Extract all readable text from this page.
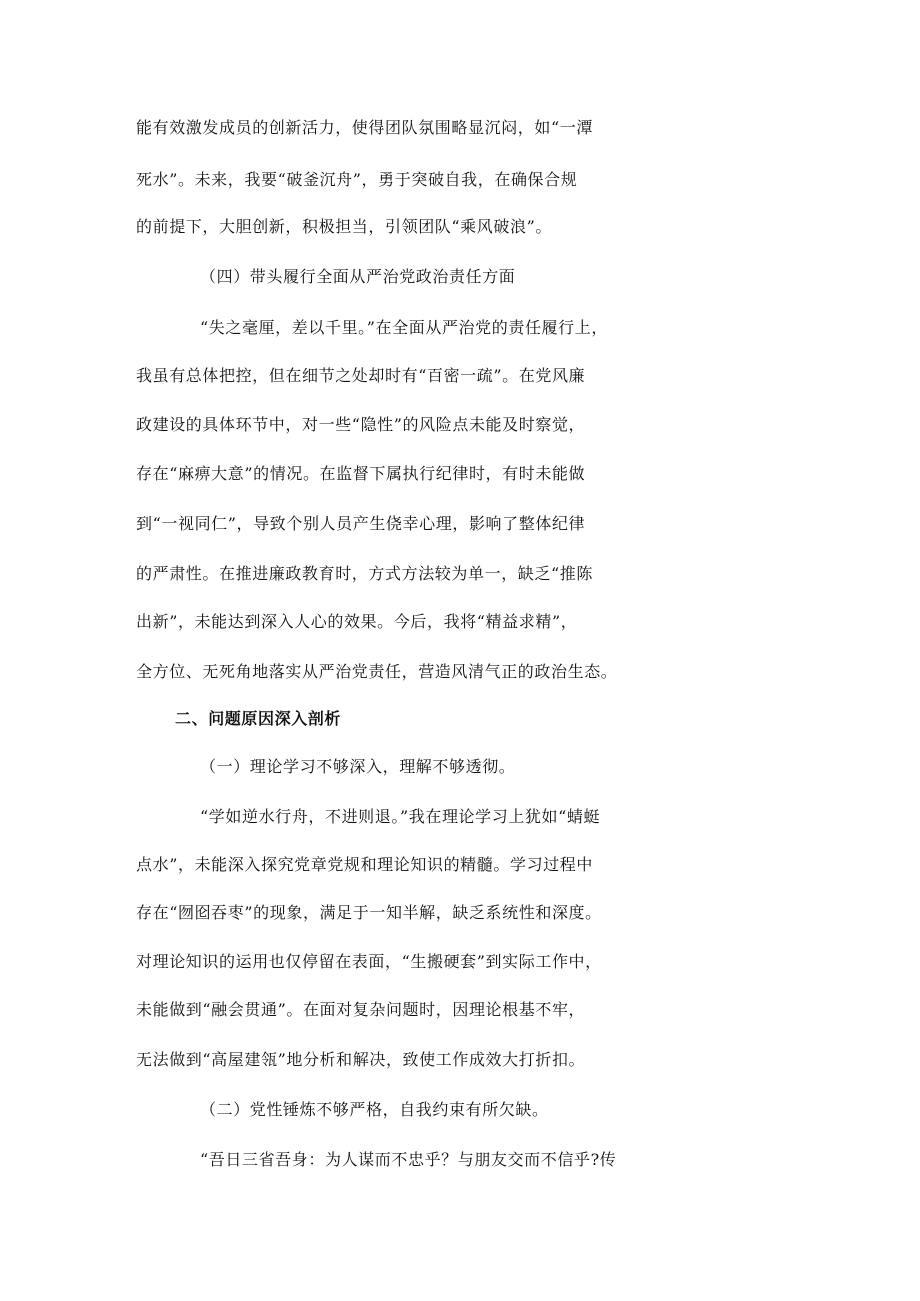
能有效激发成员的创新活力，使得团队氛围略显沉闷，如“一潭
死水”。未来，我要“破釜沉舟”，勇于突破自我，在确保合规
的前提下，大胆创新，积极担当，引领团队“乘风破浪”。
（四）带头履行全面从严治党政治责任方面
“失之毫厘，差以千里。”在全面从严治党的责任履行上，
我虽有总体把控，但在细节之处却时有“百密一疏”。在党风廉
政建设的具体环节中，对一些“隐性”的风险点未能及时察觉，
存在“麻痹大意”的情况。在监督下属执行纪律时，有时未能做
到“一视同仁”，导致个别人员产生侥幸心理，影响了整体纪律
的严肃性。在推进廉政教育时，方式方法较为单一，缺乏“推陈
出新”，未能达到深入人心的效果。今后，我将“精益求精”，
全方位、无死角地落实从严治党责任，营造风清气正的政治生态。
二、问题原因深入剖析
（一）理论学习不够深入，理解不够透彻。
“学如逆水行舟，不进则退。”我在理论学习上犹如“蜻蜓
点水”，未能深入探究党章党规和理论知识的精髓。学习过程中
存在“囫囵吞枣”的现象，满足于一知半解，缺乏系统性和深度。
对理论知识的运用也仅停留在表面，“生搬硬套”到实际工作中，
未能做到“融会贯通”。在面对复杂问题时，因理论根基不牢，
无法做到“高屋建瓴”地分析和解决，致使工作成效大打折扣。
（二）党性锤炼不够严格，自我约束有所欠缺。
“吾日三省吾身：为人谋而不忠乎？与朋友交而不信乎?传
